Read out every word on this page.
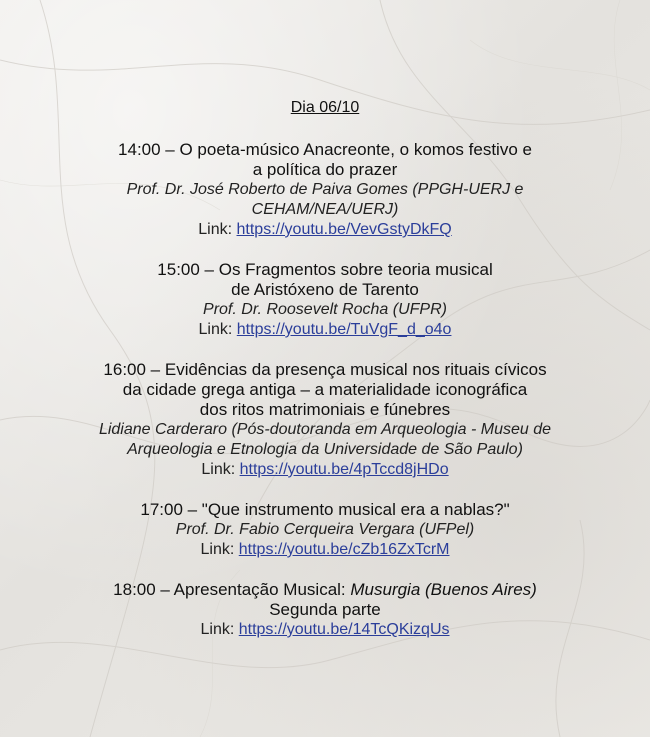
Dia 06/10
14:00 – O poeta-músico Anacreonte, o komos festivo e
a política do prazer
Prof. Dr. José Roberto de Paiva Gomes (PPGH-UERJ e
CEHAM/NEA/UERJ)
Link: https://youtu.be/VevGstyDkFQ
15:00 – Os Fragmentos sobre teoria musical
de Aristóxeno de Tarento
Prof. Dr. Roosevelt Rocha (UFPR)
Link: https://youtu.be/TuVgF_d_o4o
16:00 – Evidências da presença musical nos rituais cívicos
da cidade grega antiga – a materialidade iconográfica
dos ritos matrimoniais e fúnebres
Lidiane Carderaro (Pós-doutoranda em Arqueologia - Museu de
Arqueologia e Etnologia da Universidade de São Paulo)
Link: https://youtu.be/4pTccd8jHDo
17:00 – "Que instrumento musical era a nablas?"
Prof. Dr. Fabio Cerqueira Vergara (UFPel)
Link: https://youtu.be/cZb16ZxTcrM
18:00 – Apresentação Musical: Musurgia (Buenos Aires)
Segunda parte
Link: https://youtu.be/14TcQKizqUs
